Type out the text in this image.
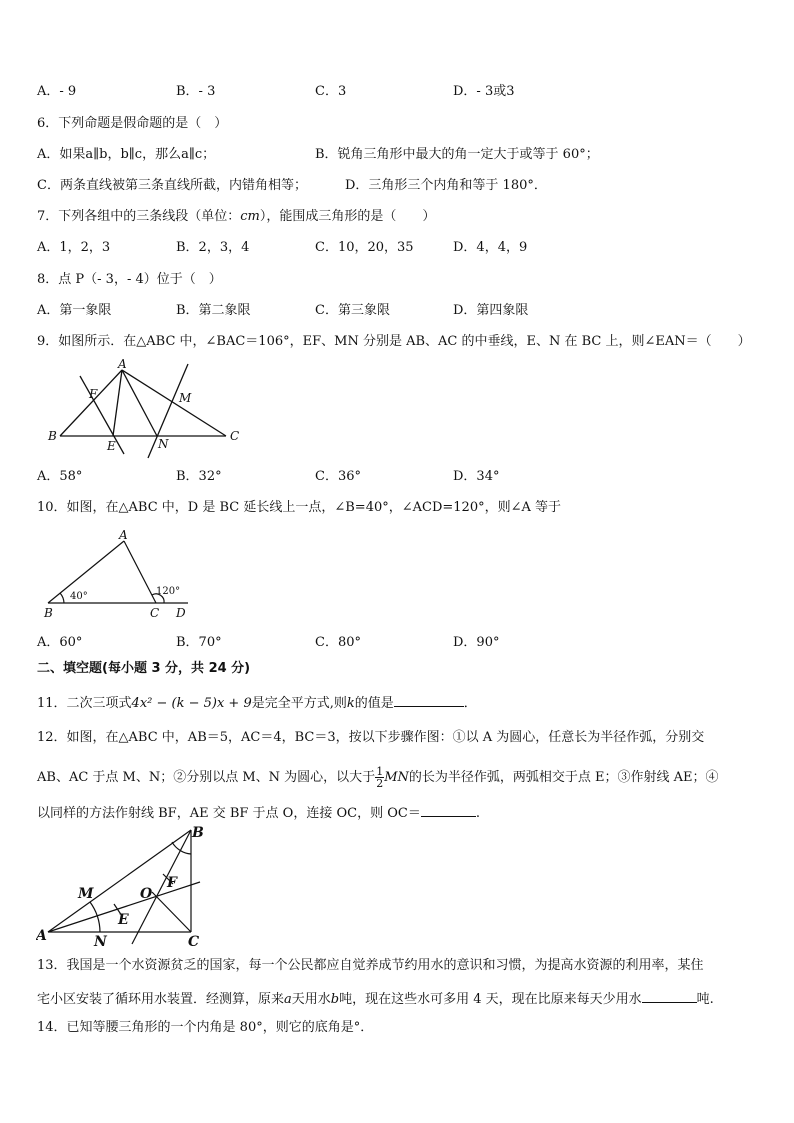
A．- 9	B．- 3	C．3	D．- 3或3
6．下列命题是假命题的是（　）
A．如果a∥b，b∥c，那么a∥c；	B．锐角三角形中最大的角一定大于或等于 60°；
C．两条直线被第三条直线所截，内错角相等；	D．三角形三个内角和等于 180°．
7．下列各组中的三条线段（单位：cm），能围成三角形的是（　　）
A．1，2，3	B．2，3，4	C．10，20，35	D．4，4，9
8．点 P（- 3，- 4）位于（　）
A．第一象限	B．第二象限	C．第三象限	D．第四象限
9．如图所示．在△ABC 中，∠BAC＝106°，EF、MN 分别是 AB、AC 的中垂线，E、N 在 BC 上，则∠EAN＝（　　）
A
F	M
B
E	N
C
A．58°	B．32°	C．36°	D．34°
10．如图，在△ABC 中，D 是 BC 延长线上一点，∠B=40°，∠ACD=120°，则∠A 等于
A
B	C D
40°	120°
A．60°	B．70°	C．80°	D．90°
二、填空题(每小题 3 分，共 24 分)
11．二次三项式4x² − (k − 5)x + 9是完全平方式,则k的值是	．
12．如图，在△ABC 中，AB＝5，AC＝4，BC＝3，按以下步骤作图：①以 A 为圆心，任意长为半径作弧，分别交
AB、AC 于点 M、N；②分别以点 M、N 为圆心，以大于 $\frac{1}{2}$ MN的长为半径作弧，两弧相交于点 E；③作射线 AE；④
以同样的方法作射线 BF，AE 交 BF 于点 O，连接 OC，则 OC＝	.
B
M	O
F
E
A	N	C
13．我国是一个水资源贫乏的国家，每一个公民都应自觉养成节约用水的意识和习惯，为提高水资源的利用率，某住
宅小区安装了循环用水装置．经测算，原来a天用水b吨，现在这些水可多用 4 天，现在比原来每天少用水	吨.
14．已知等腰三角形的一个内角是 80°，则它的底角是°．
